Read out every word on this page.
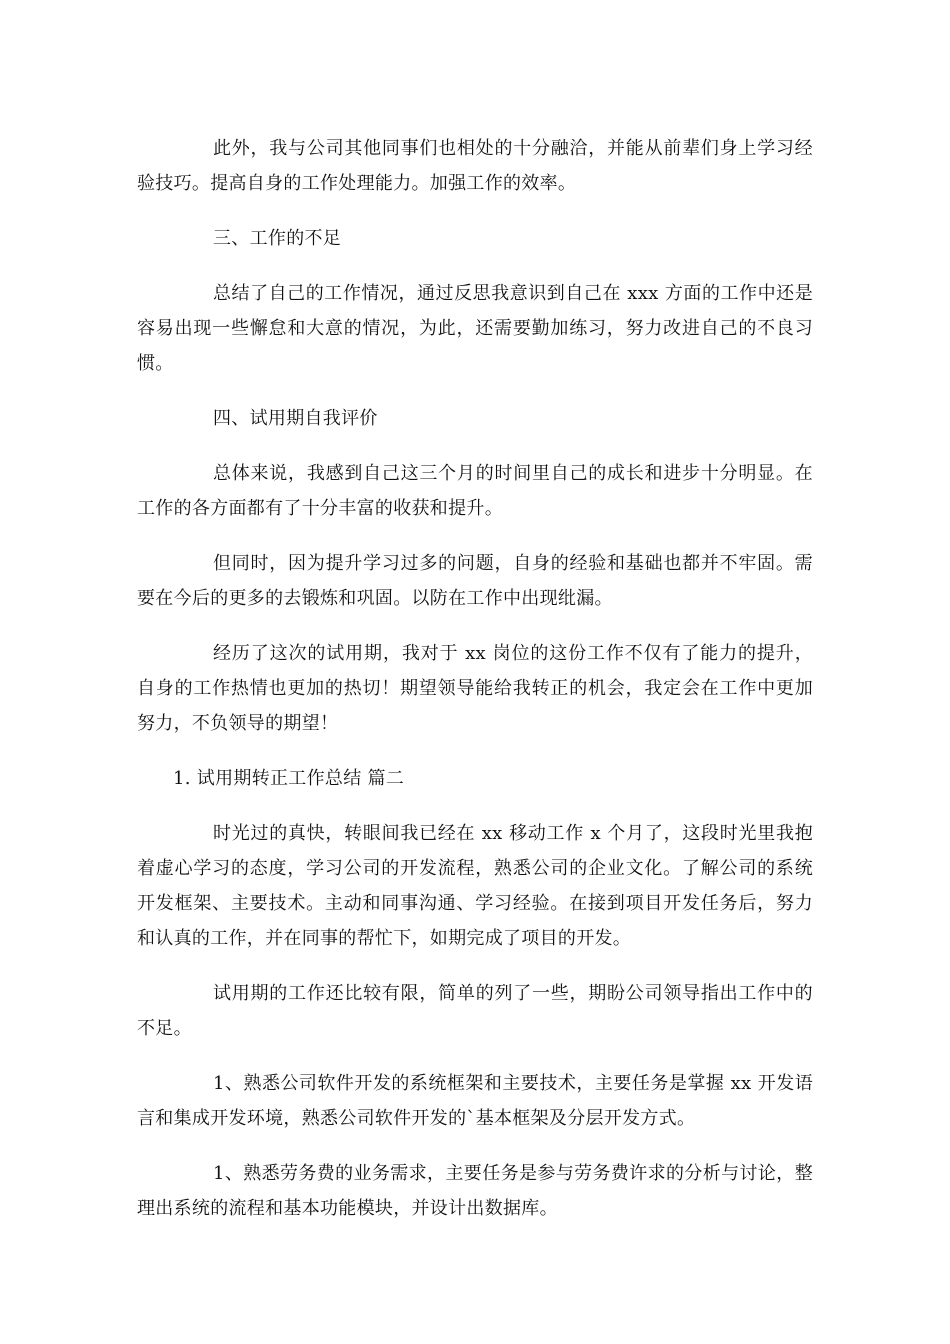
此外，我与公司其他同事们也相处的十分融洽，并能从前辈们身上学习经验技巧。提高自身的工作处理能力。加强工作的效率。

三、工作的不足

总结了自己的工作情况，通过反思我意识到自己在 xxx 方面的工作中还是容易出现一些懈怠和大意的情况，为此，还需要勤加练习，努力改进自己的不良习惯。

四、试用期自我评价

总体来说，我感到自己这三个月的时间里自己的成长和进步十分明显。在工作的各方面都有了十分丰富的收获和提升。

但同时，因为提升学习过多的问题，自身的经验和基础也都并不牢固。需要在今后的更多的去锻炼和巩固。以防在工作中出现纰漏。

经历了这次的试用期，我对于 xx 岗位的这份工作不仅有了能力的提升，自身的工作热情也更加的热切！期望领导能给我转正的机会，我定会在工作中更加努力，不负领导的期望！

1. 试用期转正工作总结 篇二

时光过的真快，转眼间我已经在 xx 移动工作 x 个月了，这段时光里我抱着虚心学习的态度，学习公司的开发流程，熟悉公司的企业文化。了解公司的系统开发框架、主要技术。主动和同事沟通、学习经验。在接到项目开发任务后，努力和认真的工作，并在同事的帮忙下，如期完成了项目的开发。

试用期的工作还比较有限，简单的列了一些，期盼公司领导指出工作中的不足。

1、熟悉公司软件开发的系统框架和主要技术，主要任务是掌握 xx 开发语言和集成开发环境，熟悉公司软件开发的`基本框架及分层开发方式。

1、熟悉劳务费的业务需求，主要任务是参与劳务费许求的分析与讨论，整理出系统的流程和基本功能模块，并设计出数据库。
